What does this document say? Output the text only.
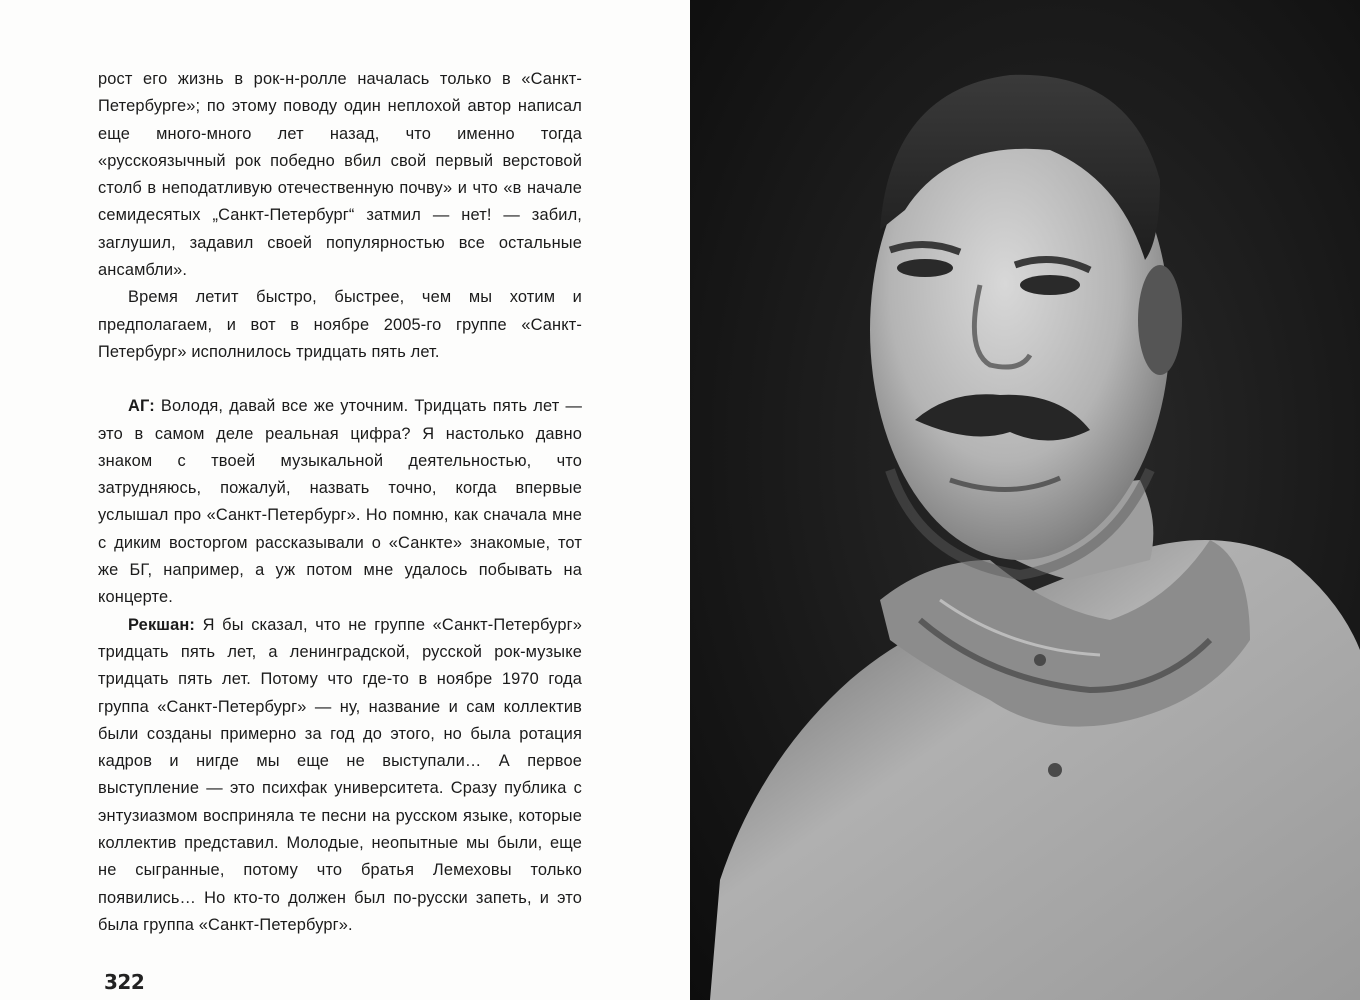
рост его жизнь в рок-н-ролле началась только в «Санкт-Петербурге»; по этому поводу один неплохой автор написал еще много-много лет назад, что именно тогда «русскоязычный рок победно вбил свой первый верстовой столб в неподатливую отечественную почву» и что «в начале семидесятых „Санкт-Петербург“ затмил — нет! — забил, заглушил, задавил своей популярностью все остальные ансамбли».

Время летит быстро, быстрее, чем мы хотим и предполагаем, и вот в ноябре 2005-го группе «Санкт-Петербург» исполнилось тридцать пять лет.

АГ: Володя, давай все же уточним. Тридцать пять лет — это в самом деле реальная цифра? Я настолько давно знаком с твоей музыкальной деятельностью, что затрудняюсь, пожалуй, назвать точно, когда впервые услышал про «Санкт-Петербург». Но помню, как сначала мне с диким восторгом рассказывали о «Санкте» знакомые, тот же БГ, например, а уж потом мне удалось побывать на концерте.

Рекшан: Я бы сказал, что не группе «Санкт-Петербург» тридцать пять лет, а ленинградской, русской рок-музыке тридцать пять лет. Потому что где-то в ноябре 1970 года группа «Санкт-Петербург» — ну, название и сам коллектив были созданы примерно за год до этого, но была ротация кадров и нигде мы еще не выступали… А первое выступление — это психфак университета. Сразу публика с энтузиазмом восприняла те песни на русском языке, которые коллектив представил. Молодые, неопытные мы были, еще не сыгранные, потому что братья Лемеховы только появились… Но кто-то должен был по-русски запеть, и это была группа «Санкт-Петербург».

322
